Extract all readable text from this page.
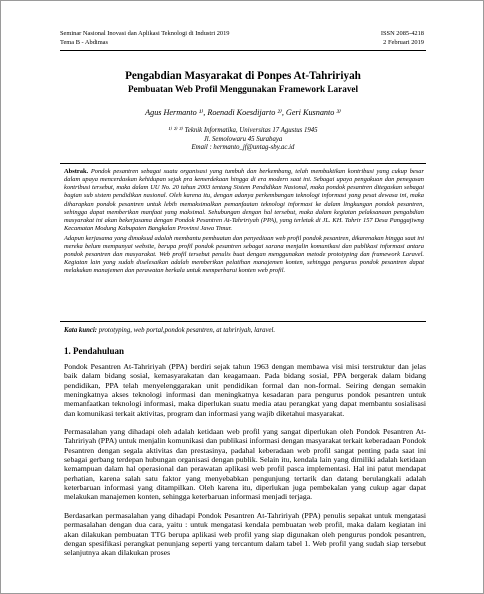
Seminar Nasional Inovasi dan Aplikasi Teknologi di Industri 2019
Tema B - Abdimas
ISSN 2085-4218
2 Februari 2019
Pengabdian Masyarakat di Ponpes At-Tahririyah
Pembuatan Web Profil Menggunakan Framework Laravel
Agus Hermanto ¹⁾, Roenadi Koesdijarto ²⁾, Geri Kusnanto ³⁾
¹⁾ ²⁾ ³⁾ Teknik Informatika, Universitas 17 Agustus 1945
Jl. Semolowaru 45 Surabaya
Email : hermanto_jf@untag-sby.ac.id

Abstrak. Pondok pesantren sebagai suatu organisasi yang tumbuh dan berkembang, telah membuktikan kontribusi yang cukup besar dalam upaya mencerdaskan kehidupan sejak pra kemerdekaan hingga di era modern saat ini. Sebagai upaya pengakuan dan penegasan kontribusi tersebut, maka dalam UU No. 20 tahun 2003 tentang Sistem Pendidikan Nasional, maka pondok pesantren ditegaskan sebagai bagian sub sistem pendidikan nasional. Oleh karena itu, dengan adanya perkembangan teknologi informasi yang pesat dewasa ini, maka diharapkan pondok pesantren untuk lebih memaksimalkan pemanfaatan teknologi informasi ke dalam lingkungan pondok pesantren, sehingga dapat memberikan manfaat yang maksimal. Sehubungan dengan hal tersebut, maka dalam kegiatan pelaksanaan pengabdian masyarakat ini akan bekerjasama dengan Pondok Pesantren At-Tahririyah (PPA), yang terletak di JL. KH. Tahrir 157 Desa Panggajiwng Kecamatan Modung Kabupaten Bangkalan Provinsi Jawa Timur.

Adapun kerjasama yang dimaksud adalah membantu pembuatan dan penyediaan web profil pondok pesantren, dikarenakan hingga saat ini mereka belum mempunyai website, berupa profil pondok pesantren sebagai sarana menjalin komunikasi dan publikasi informasi antara pondok pesantren dan masyarakat. Web profil tersebut penulis buat dengan menggunakan metode prototyping dan framework Laravel. Kegiatan lain yang sudah diselesaikan adalah memberikan pelatihan manajemen konten, sehingga pengurus pondok pesantren dapat melakukan manajemen dan perawatan berkala untuk memperbarui konten web profil.

Kata kunci: prototyping, web portal,pondok pesantren, at tahririyah, laravel.
1. Pendahuluan

Pondok Pesantren At-Tahririyah (PPA) berdiri sejak tahun 1963 dengan membawa visi misi terstruktur dan jelas baik dalam bidang sosial, kemasyarakatan dan keagamaan. Pada bidang sosial, PPA bergerak dalam bidang pendidikan, PPA telah menyelenggarakan unit pendidikan formal dan non-formal. Seiring dengan semakin meningkatnya akses teknologi informasi dan meningkatnya kesadaran para pengurus pondok pesantren untuk memanfaatkan teknologi informasi, maka diperlukan suatu media atau perangkat yang dapat membantu sosialisasi dan komunikasi terkait aktivitas, program dan informasi yang wajib diketahui masyarakat.

Permasalahan yang dihadapi oleh adalah ketidaan web profil yang sangat diperlukan oleh Pondok Pesantren At-Tahririyah (PPA) untuk menjalin komunikasi dan publikasi informasi dengan masyarakat terkait keberadaan Pondok Pesantren dengan segala aktivitas dan prestasinya, padahal keberadaan web profil sangat penting pada saat ini sebagai gerbang terdepan hubungan organisasi dengan publik. Selain itu, kendala lain yang dimiliki adalah ketidaan kemampuan dalam hal operasional dan perawatan aplikasi web profil pasca implementasi. Hal ini patut mendapat perhatian, karena salah satu faktor yang menyebabkan pengunjung tertarik dan datang berulangkali adalah keterbaruan informasi yang ditampilkan. Oleh karena itu, diperlukan juga pembekalan yang cukup agar dapat melakukan manajemen konten, sehingga keterbaruan informasi menjadi terjaga.

Berdasarkan permasalahan yang dihadapi Pondok Pesantren At-Tahririyah (PPA) penulis sepakat untuk mengatasi permasalahan dengan dua cara, yaitu : untuk mengatasi kendala pembuatan web profil, maka dalam kegiatan ini akan dilakukan pembuatan TTG berupa aplikasi web profil yang siap digunakan oleh pengurus pondok pesantren, dengan spesifikasi perangkat penunjang seperti yang tercantum dalam tabel 1. Web profil yang sudah siap tersebut selanjutnya akan dilakukan proses
